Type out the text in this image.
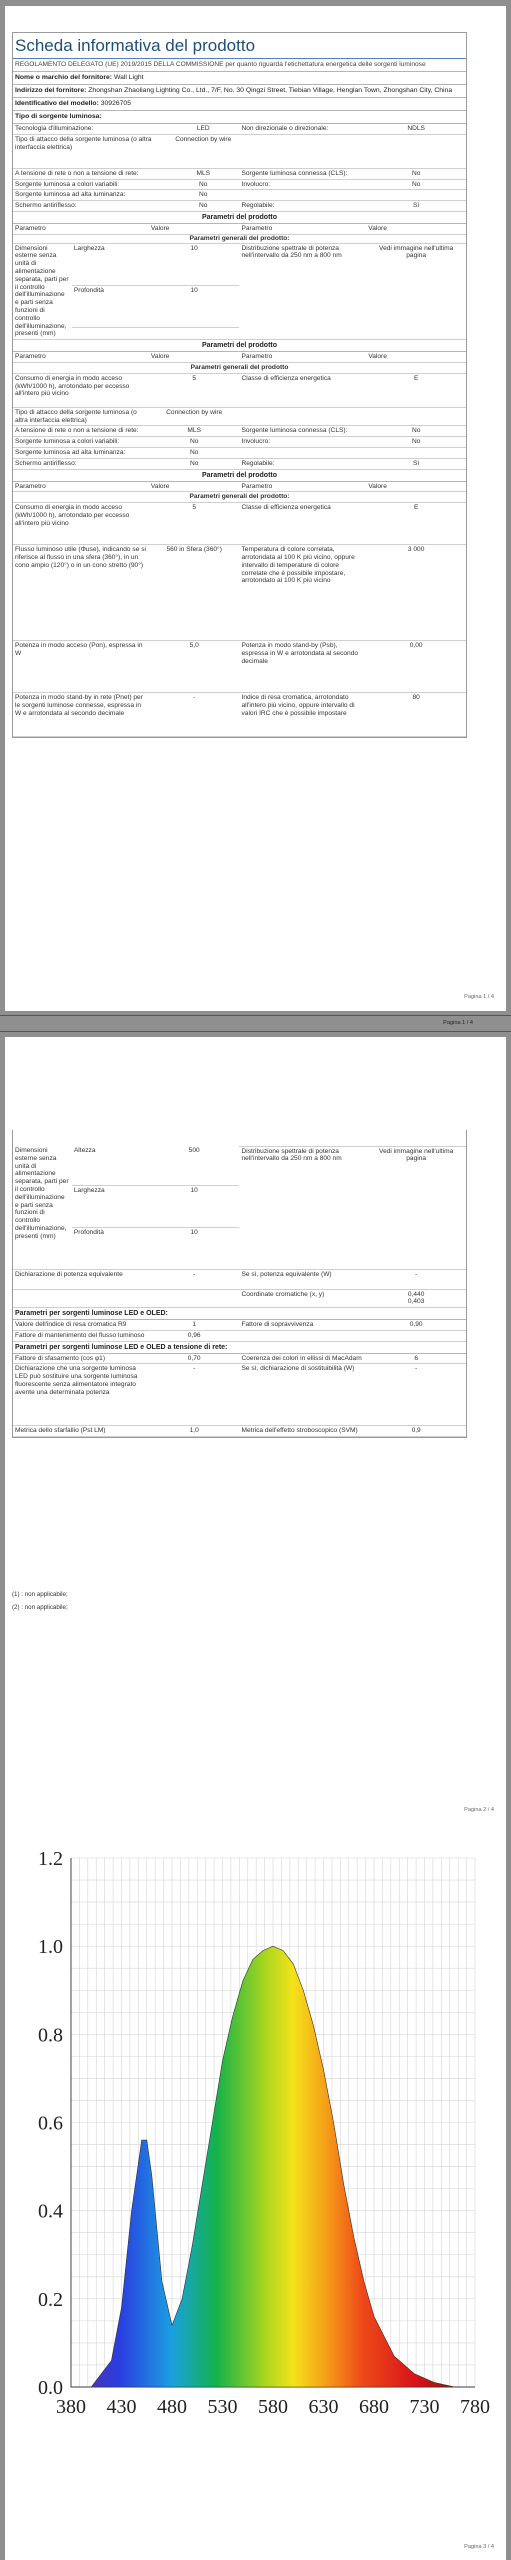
Scheda informativa del prodotto
REGOLAMENTO DELEGATO (UE) 2019/2015 DELLA COMMISSIONE per quanto riguarda l'etichettatura energetica delle sorgenti luminose
Nome o marchio del fornitore: Wall Light
Indirizzo del fornitore: Zhongshan Zhaoliang Lighting Co., Ltd., 7/F, No. 30 Qingzi Street, Tiebian Village, Henglan Town, Zhongshan City, China
Identificativo del modello: 30926705
Tipo di sorgente luminosa:
Tecnologia d'illuminazione:	LED	Non direzionale o direzionale:	NDLS
Tipo di attacco della sorgente luminosa (o altra interfaccia elettrica)	Connection by wire		
A tensione di rete o non a tensione di rete:	MLS	Sorgente luminosa connessa (CLS):	No
Sorgente luminosa a colori variabili:	No	Involucro:	No
Sorgente luminosa ad alta luminanza:	No		
Schermo antiriflesso:	No	Regolabile:	Sì
Parametri del prodotto
Parametro		Valore	Parametro	Valore
Parametri generali del prodotto:				
Dimensioni esterne senza unità di alimentazione separata, parti per il controllo dell'illuminazione e parti senza funzioni di controllo dell'illuminazione, presenti (mm)	Larghezza	10	Distribuzione spettrale di potenza nell'intervallo da 250 nm a 800 nm	Vedi immagine nell'ultima pagina
	Profondità	10		

Parametri del prodotto
Parametro	Valore	Parametro	Valore
Parametri generali del prodotto			
Consumo di energia in modo acceso (kWh/1000 h), arrotondato per eccesso all'intero più vicino	5	Classe di efficienza energetica	E
Tipo di attacco della sorgente luminosa (o altra interfaccia elettrica)	Connection by wire		
A tensione di rete o non a tensione di rete:	MLS	Sorgente luminosa connessa (CLS):	No
Sorgente luminosa a colori variabili:	No	Involucro:	No
Sorgente luminosa ad alta luminanza:	No		
Schermo antiriflesso:	No	Regolabile:	Sì
Parametri del prodotto
Parametro	Valore	Parametro	Valore
Parametri generali del prodotto:			
Consumo di energia in modo acceso (kWh/1000 h), arrotondato per eccesso all'intero più vicino	5	Classe di efficienza energetica	E
Flusso luminoso utile (Φuse), indicando se si riferisce al flusso in una sfera (360°), in un cono ampio (120°) o in un cono stretto (90°)	560 in Sfera (360°)	Temperatura di colore correlata, arrotondata al 100 K più vicino, oppure intervallo di temperature di colore correlate che è possibile impostare, arrotondato al 100 K più vicino	3 000
Potenza in modo acceso (Pon), espressa in W	5,0	Potenza in modo stand-by (Psb), espressa in W e arrotondata al secondo decimale	0,00
Potenza in modo stand-by in rete (Pnet) per le sorgenti luminose connesse, espressa in W e arrotondata al secondo decimale	-	Indice di resa cromatica, arrotondato all'intero più vicino, oppure intervallo di valori IRC che è possibile impostare	80
Pagina 1 / 4
Pagina 1 / 4

Dimensioni esterne senza unità di alimentazione separata, parti per il controllo dell'illuminazione e parti senza funzioni di controllo dell'illuminazione, presenti (mm)	Altezza	500	Distribuzione spettrale di potenza nell'intervallo da 250 nm a 800 nm	Vedi immagine nell'ultima pagina
	Larghezza	10		
	Profondità	10		
Dichiarazione di potenza equivalente		-	Se sì, potenza equivalente (W)	-
			Coordinate cromatiche (x, y)	0,440
0,403
Parametri per sorgenti luminose LED e OLED:
Valore dell'indice di resa cromatica R9	1	Fattore di sopravvivenza	0,90
Fattore di mantenimento del flusso luminoso	0,96		
Parametri per sorgenti luminose LED e OLED a tensione di rete:
Fattore di sfasamento (cos φ1)	0,70	Coerenza dei colori in ellissi di MacAdam	6
Dichiarazione che una sorgente luminosa LED può sostituire una sorgente luminosa fluorescente senza alimentatore integrato avente una determinata potenza	-	Se sì, dichiarazione di sostituibilità (W)	-
Metrica dello sfarfallio (Pst LM)	1,0	Metrica dell'effetto stroboscopico (SVM)	0,9
(1) : non applicabile;
(2) : non applicabile;
Pagina 2 / 4
0.0
0.2
0.4
0.6
0.8
1.0
1.2
380 430 480 530 580 630 680 730 780
Pagina 3 / 4
